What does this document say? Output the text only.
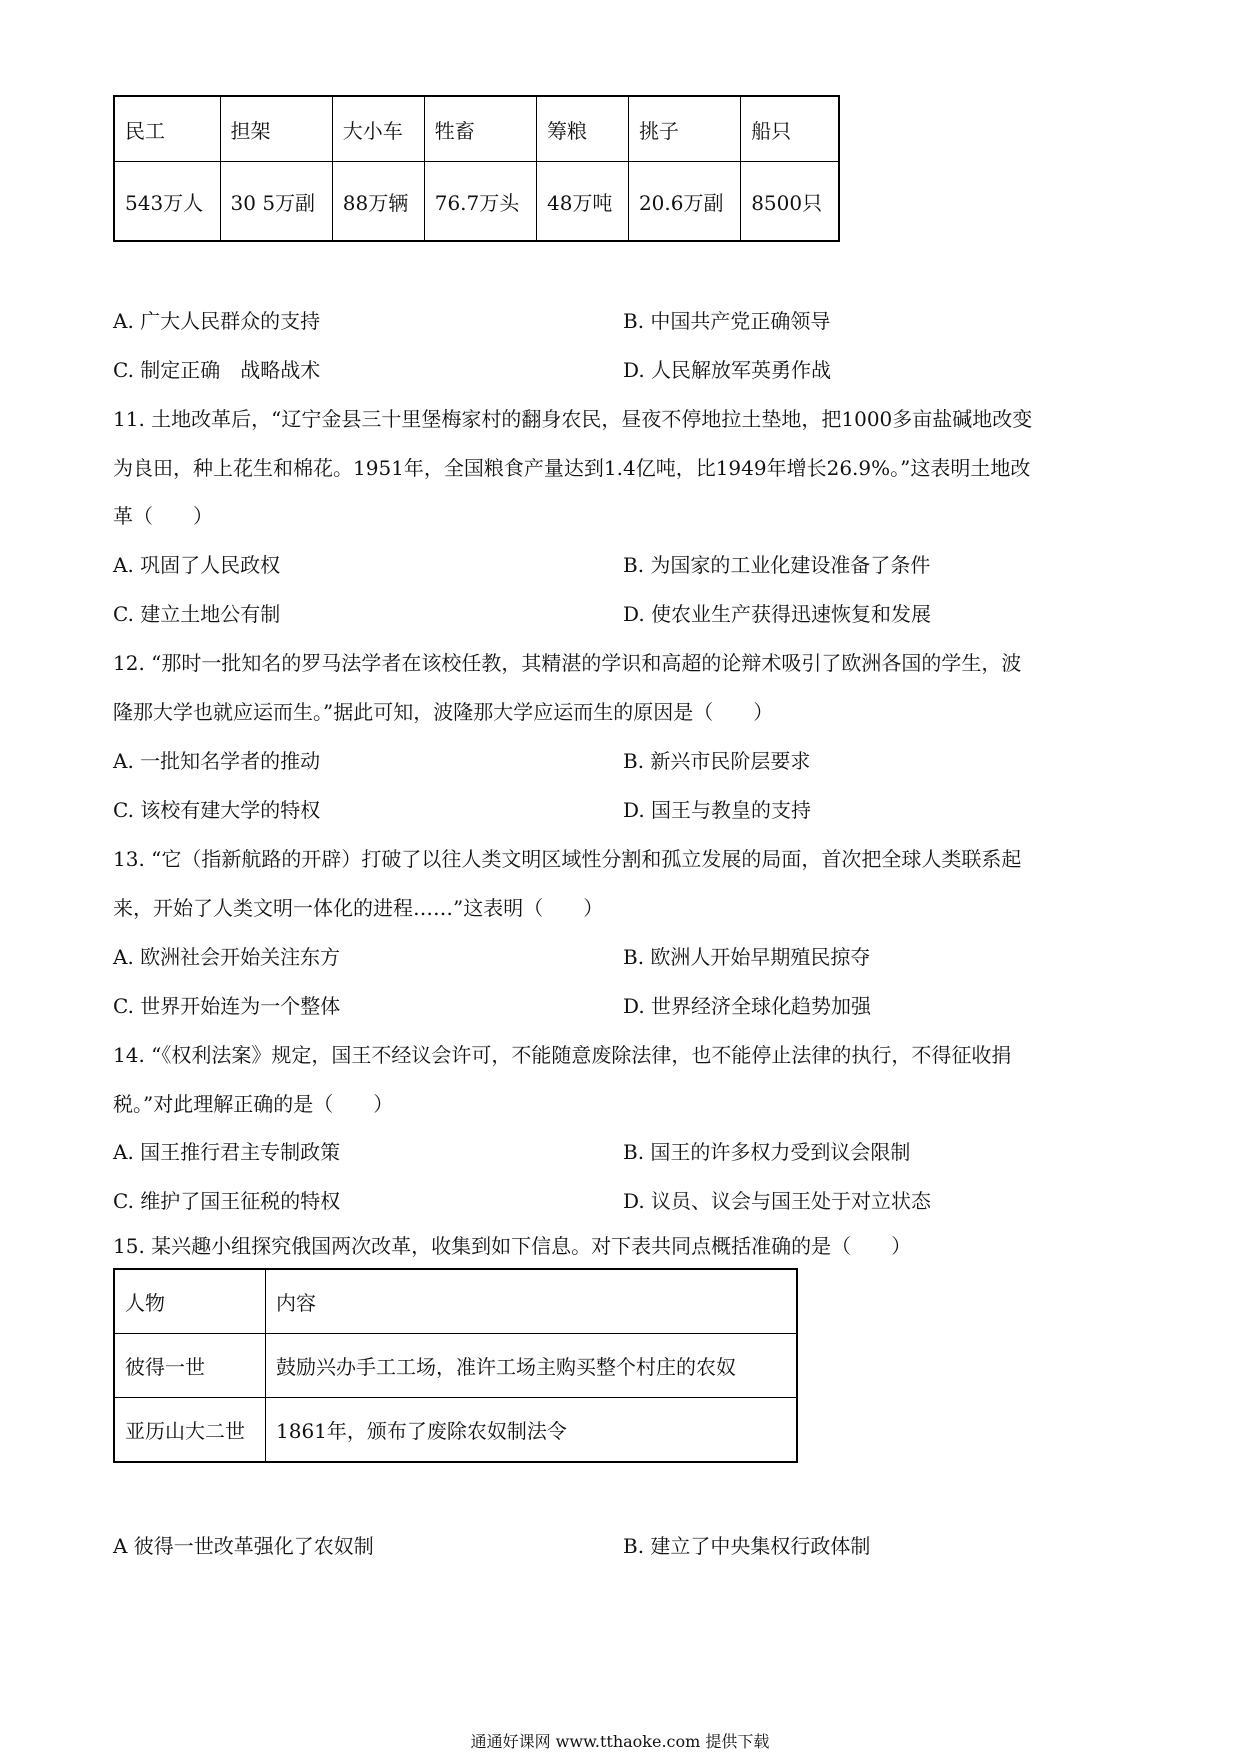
民工	担架	大小车	牲畜	筹粮	挑子	船只
543万人	30 5万副	88万辆	76.7万头	48万吨	20.6万副	8500只
A. 广大人民群众的支持	B. 中国共产党正确领导
C. 制定正确　战略战术	D. 人民解放军英勇作战
11. 土地改革后，“辽宁金县三十里堡梅家村的翻身农民，昼夜不停地拉土垫地，把1000多亩盐碱地改变
为良田，种上花生和棉花。1951年，全国粮食产量达到1.4亿吨，比1949年增长26.9%。”这表明土地改
革（　　）
A. 巩固了人民政权	B. 为国家的工业化建设准备了条件
C. 建立土地公有制	D. 使农业生产获得迅速恢复和发展
12. “那时一批知名的罗马法学者在该校任教，其精湛的学识和高超的论辩术吸引了欧洲各国的学生，波
隆那大学也就应运而生。”据此可知，波隆那大学应运而生的原因是（　　）
A. 一批知名学者的推动	B. 新兴市民阶层要求
C. 该校有建大学的特权	D. 国王与教皇的支持
13. “它（指新航路的开辟）打破了以往人类文明区域性分割和孤立发展的局面，首次把全球人类联系起
来，开始了人类文明一体化的进程……”这表明（　　）
A. 欧洲社会开始关注东方	B. 欧洲人开始早期殖民掠夺
C. 世界开始连为一个整体	D. 世界经济全球化趋势加强
14. “《权利法案》规定，国王不经议会许可，不能随意废除法律，也不能停止法律的执行，不得征收捐
税。”对此理解正确的是（　　）
A. 国王推行君主专制政策	B. 国王的许多权力受到议会限制
C. 维护了国王征税的特权	D. 议员、议会与国王处于对立状态
15. 某兴趣小组探究俄国两次改革，收集到如下信息。对下表共同点概括准确的是（　　）
人物	内容
彼得一世	鼓励兴办手工工场，准许工场主购买整个村庄的农奴
亚历山大二世	1861年，颁布了废除农奴制法令
A 彼得一世改革强化了农奴制	B. 建立了中央集权行政体制
通通好课网 www.tthaoke.com 提供下载
